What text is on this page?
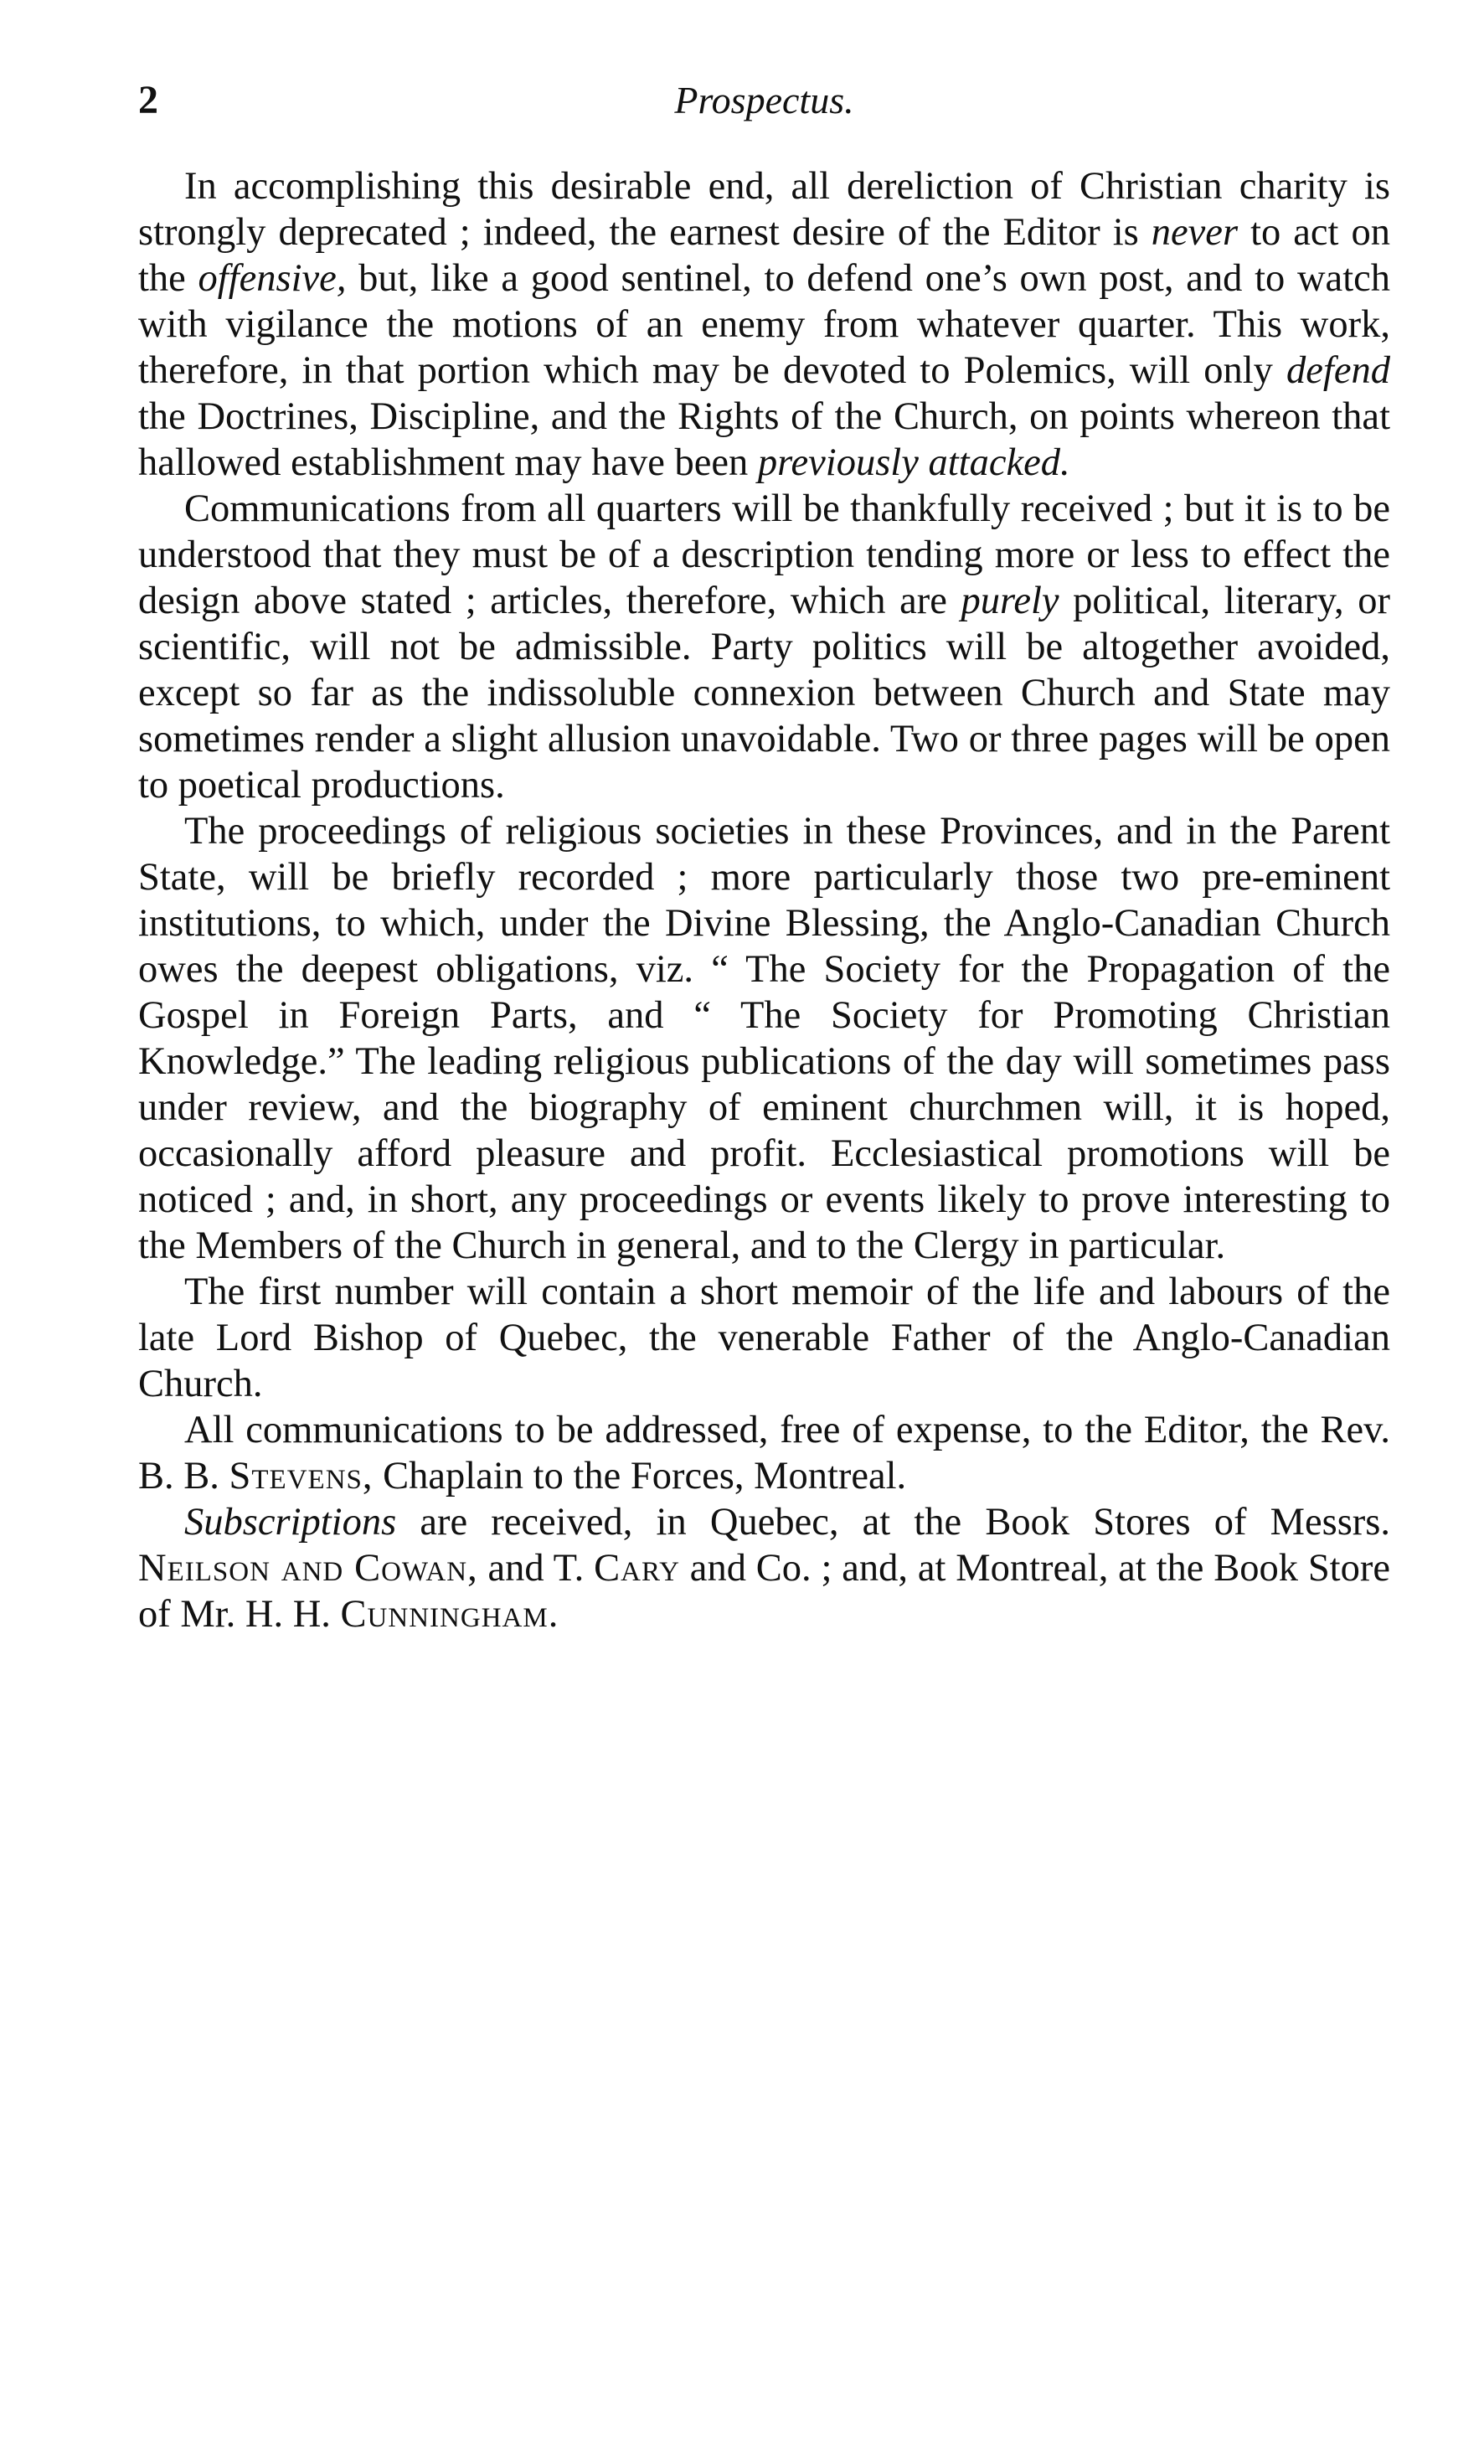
2	Prospectus.

In accomplishing this desirable end, all dereliction of Christian charity is strongly deprecated ; indeed, the earnest desire of the Editor is never to act on the offensive, but, like a good sentinel, to defend one’s own post, and to watch with vigilance the motions of an enemy from whatever quarter. This work, therefore, in that portion which may be devoted to Polemics, will only defend the Doctrines, Discipline, and the Rights of the Church, on points whereon that hallowed establishment may have been previously attacked.

Communications from all quarters will be thankfully received ; but it is to be understood that they must be of a description tending more or less to effect the design above stated ; articles, therefore, which are purely political, literary, or scientific, will not be admissible. Party politics will be altogether avoided, except so far as the indissoluble connexion between Church and State may sometimes render a slight allusion unavoidable. Two or three pages will be open to poetical productions.

The proceedings of religious societies in these Provinces, and in the Parent State, will be briefly recorded ; more particularly those two pre-eminent institutions, to which, under the Divine Blessing, the Anglo-Canadian Church owes the deepest obligations, viz. “ The Society for the Propagation of the Gospel in Foreign Parts, and “ The Society for Promoting Christian Knowledge.” The leading religious publications of the day will sometimes pass under review, and the biography of eminent churchmen will, it is hoped, occasionally afford pleasure and profit. Ecclesiastical promotions will be noticed ; and, in short, any proceedings or events likely to prove interesting to the Members of the Church in general, and to the Clergy in particular.

The first number will contain a short memoir of the life and labours of the late Lord Bishop of Quebec, the venerable Father of the Anglo-Canadian Church.

All communications to be addressed, free of expense, to the Editor, the Rev. B. B. Stevens, Chaplain to the Forces, Montreal.

Subscriptions are received, in Quebec, at the Book Stores of Messrs. Neilson and Cowan, and T. Cary and Co. ; and, at Montreal, at the Book Store of Mr. H. H. Cunningham.
